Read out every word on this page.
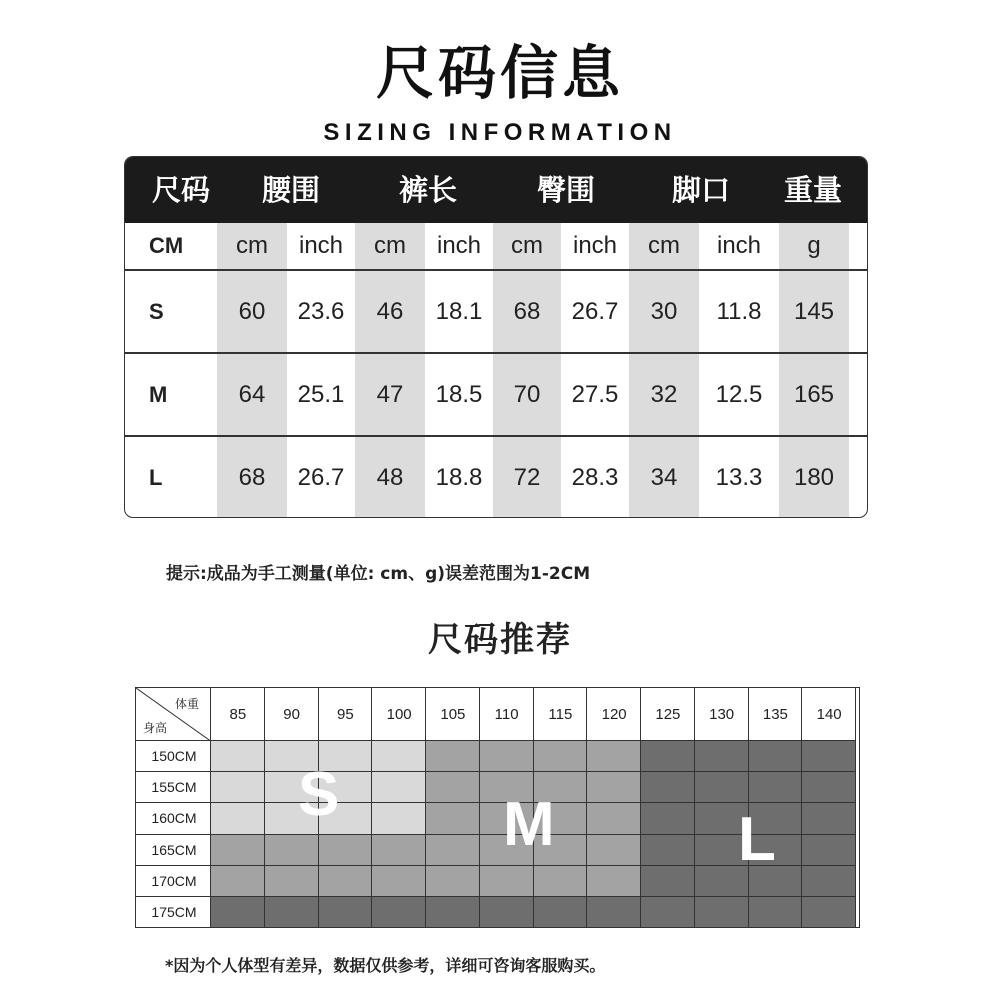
尺码信息
SIZING INFORMATION
尺码	腰围	裤长	臀围	脚口	重量
CM	cm	inch	cm	inch	cm	inch	cm	inch	g
S	60	23.6	46	18.1	68	26.7	30	11.8	145
M	64	25.1	47	18.5	70	27.5	32	12.5	165
L	68	26.7	48	18.8	72	28.3	34	13.3	180
提示:成品为手工测量(单位: cm、g)误差范围为1-2CM
尺码推荐
体重
身高
85	90	95	100	105	110	115	120	125	130	135	140
150CM
155CM
160CM
165CM
170CM
175CM
S	M	L
*因为个人体型有差异，数据仅供参考，详细可咨询客服购买。
